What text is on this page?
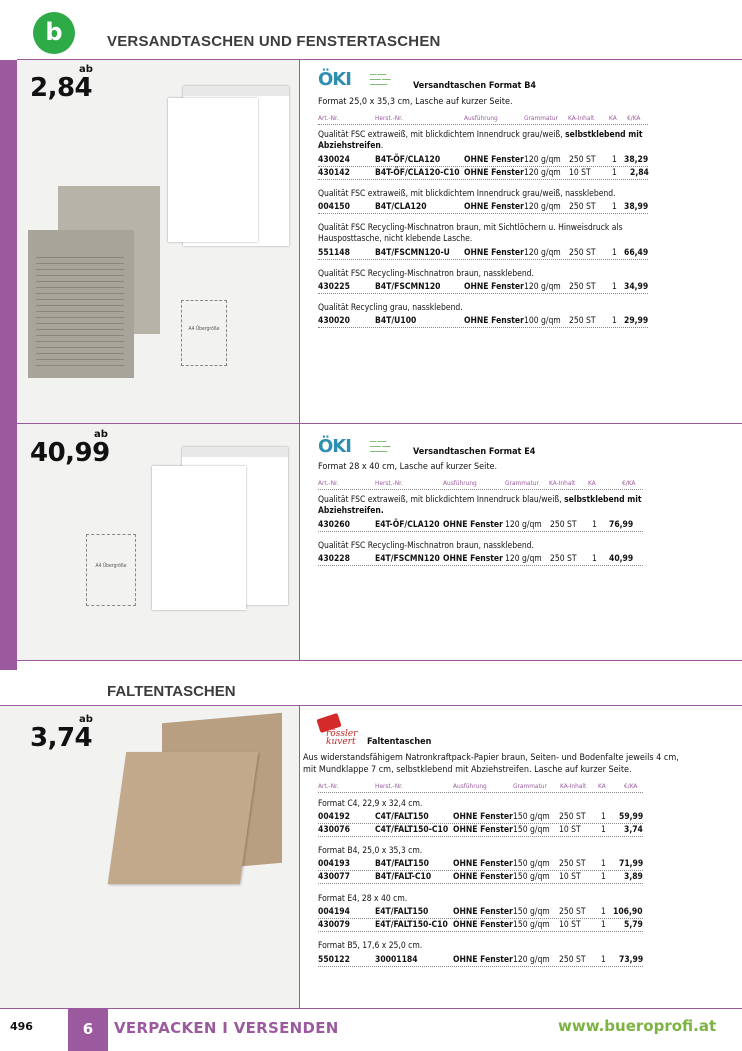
b	VERSANDTASCHEN UND FENSTERTASCHEN
2,84
ab
A4 Übergröße
ÖKI	━━━ ━━━━
━━━━━ ━━━━
━━━━━━━━	Versandtaschen Format B4
Format 25,0 x 35,3 cm, Lasche auf kurzer Seite.
Art.-Nr.	Herst.-Nr.	Ausführung	Grammatur KA-Inhalt KA €/KA
Qualität FSC extraweiß, mit blickdichtem Innendruck grau/weiß, selbstklebend mit Abziehstreifen.
430024	B4T-ÖF/CLA120	OHNE Fenster 120 g/qm 250 ST 1 38,29
430142	B4T-ÖF/CLA120-C10 OHNE Fenster 120 g/qm 10 ST	1 2,84
Qualität FSC extraweiß, mit blickdichtem Innendruck grau/weiß, nassklebend.
004150	B4T/CLA120	OHNE Fenster 120 g/qm 250 ST 1 38,99
Qualität FSC Recycling-Mischnatron braun, mit Sichtlöchern u. Hinweisdruck als Hausposttasche, nicht klebende Lasche.
551148	B4T/FSCMN120-U OHNE Fenster 120 g/qm 250 ST 1 66,49
Qualität FSC Recycling-Mischnatron braun, nassklebend.
430225	B4T/FSCMN120	OHNE Fenster 120 g/qm 250 ST 1 34,99
Qualität Recycling grau, nassklebend.
430020	B4T/U100	OHNE Fenster 100 g/qm 250 ST 1 29,99
40,99
ab
A4 Übergröße
ÖKI	━━━ ━━━━
━━━━━ ━━━━
━━━━━━━━	Versandtaschen Format E4
Format 28 x 40 cm, Lasche auf kurzer Seite.
Art.-Nr.	Herst.-Nr.	Ausführung	Grammatur KA-Inhalt KA	€/KA
Qualität FSC extraweiß, mit blickdichtem Innendruck blau/weiß, selbstklebend mit Abziehstreifen.
430260	E4T-ÖF/CLA120 OHNE Fenster 120 g/qm 250 ST 1 76,99
Qualität FSC Recycling-Mischnatron braun, nassklebend.
430228	E4T/FSCMN120 OHNE Fenster 120 g/qm 250 ST 1 40,99
FALTENTASCHEN
3,74
ab
rössler kuvert Faltentaschen
Aus widerstandsfähigem Natronkraftpack-Papier braun, Seiten- und Bodenfalte jeweils 4 cm, mit Mundklappe 7 cm, selbstklebend mit Abziehstreifen. Lasche auf kurzer Seite.
Art.-Nr.	Herst.-Nr.	Ausführung	Grammatur KA-Inhalt KA	€/KA
Format C4, 22,9 x 32,4 cm.
004192	C4T/FALT150	OHNE Fenster 150 g/qm 250 ST 1 59,99
430076	C4T/FALT150-C10 OHNE Fenster 150 g/qm 10 ST 1 3,74
Format B4, 25,0 x 35,3 cm.
004193	B4T/FALT150	OHNE Fenster 150 g/qm 250 ST 1 71,99
430077	B4T/FALT-C10	OHNE Fenster 150 g/qm 10 ST 1 3,89
Format E4, 28 x 40 cm.
004194	E4T/FALT150	OHNE Fenster 150 g/qm 250 ST 1 106,90
430079	E4T/FALT150-C10 OHNE Fenster 150 g/qm 10 ST 1 5,79
Format B5, 17,6 x 25,0 cm.
550122	30001184	OHNE Fenster 120 g/qm 250 ST 1 73,99
496	6	VERPACKEN I VERSENDEN	www.bueroprofi.at
